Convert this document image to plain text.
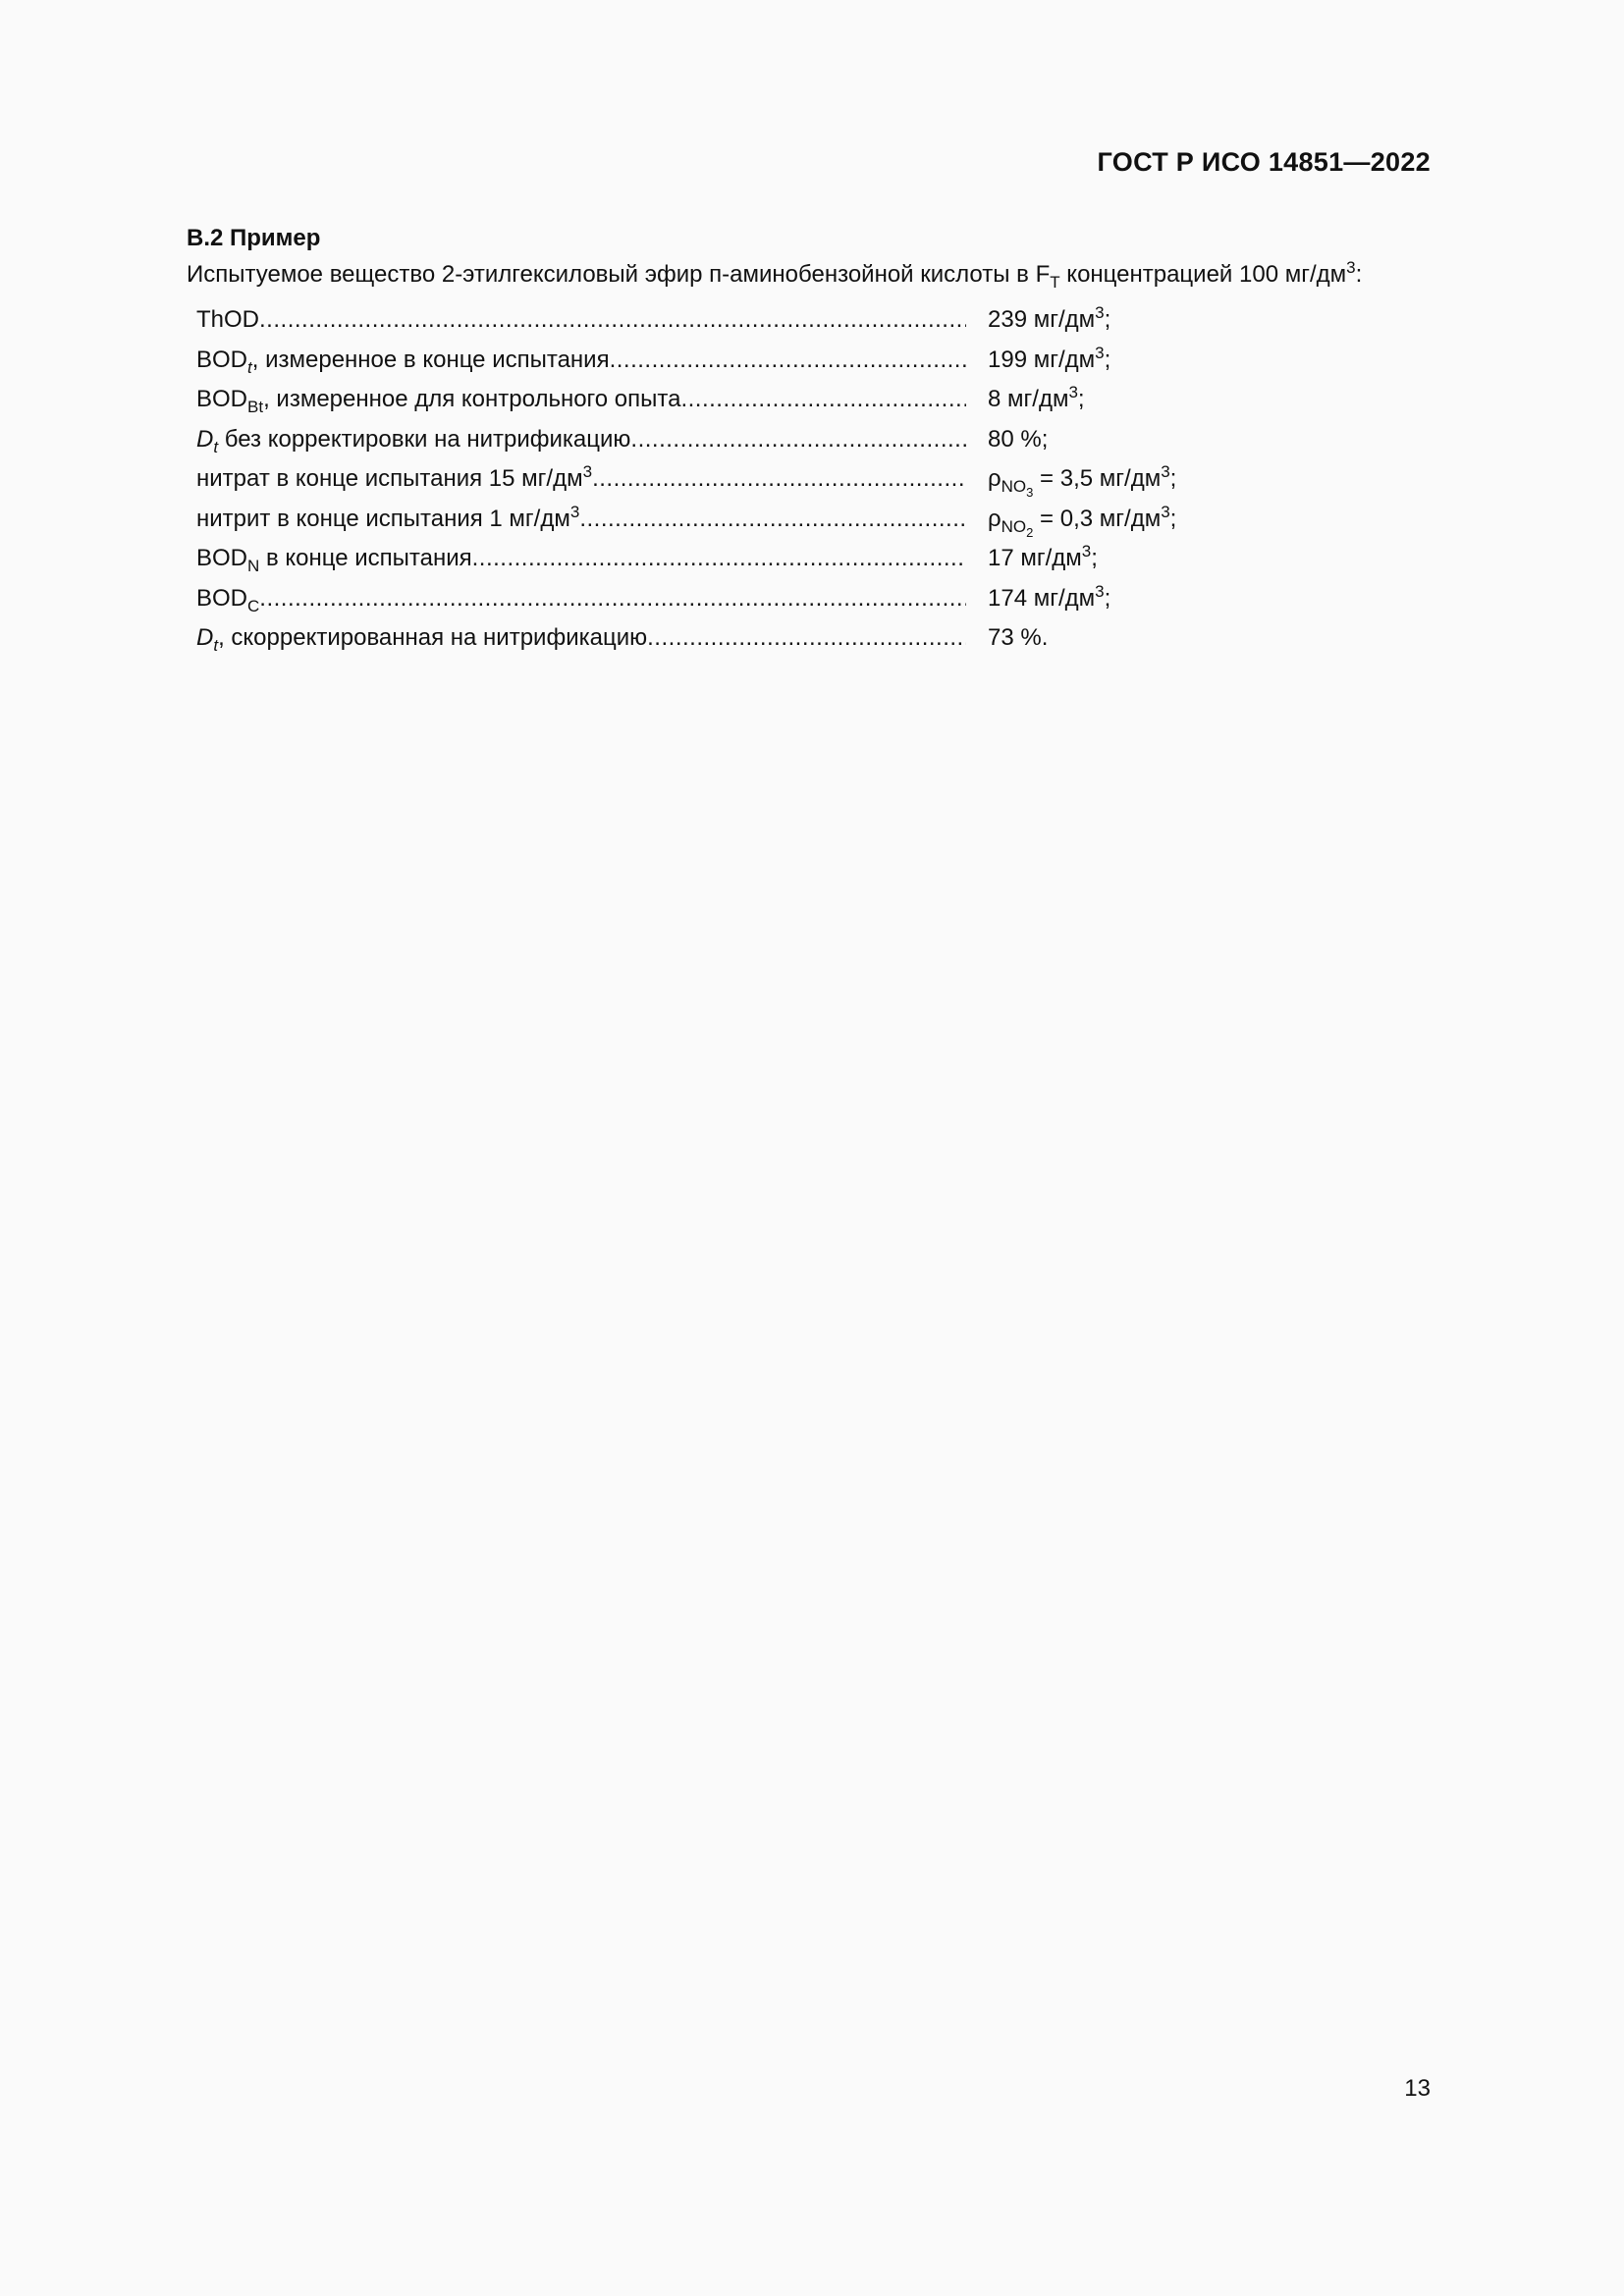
ГОСТ Р ИСО 14851—2022
B.2 Пример
Испытуемое вещество 2-этилгексиловый эфир п-аминобензойной кислоты в $F_T$ концентрацией 100 $мг/дм^3$:
ThOD .....	239 $мг/дм^3$;
$BOD_t$, измеренное в конце испытания .....	199 $мг/дм^3$;
$BOD_{Bt}$, измеренное для контрольного опыта .....	8 $мг/дм^3$;
$D_t$ без корректировки на нитрификацию .....	80 %;
нитрат в конце испытания 15 $мг/дм^3$ .....	$\rho_{NO_3} = 3,5$ $мг/дм^3$;
нитрит в конце испытания 1 $мг/дм^3$ .....	$\rho_{NO_2} = 0,3$ $мг/дм^3$;
$BOD_N$ в конце испытания .....	17 $мг/дм^3$;
$BOD_C$ .....	174 $мг/дм^3$;
$D_t$, скорректированная на нитрификацию .....	73 %.
13
